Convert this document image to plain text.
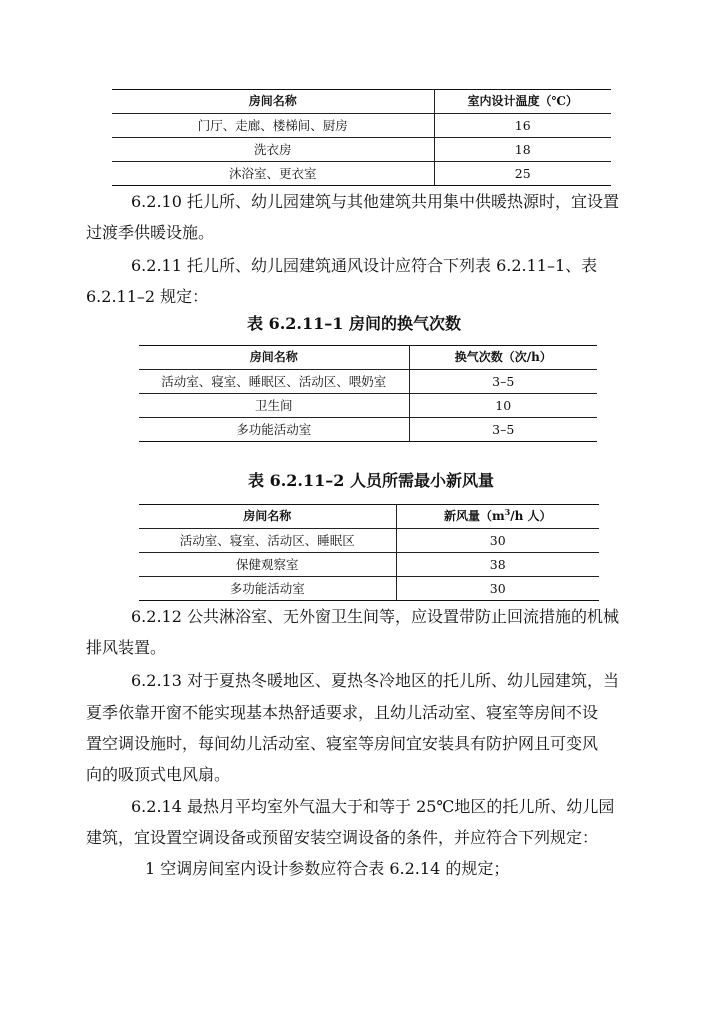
房间名称	室内设计温度（℃）
门厅、走廊、楼梯间、厨房	16
洗衣房	18
沐浴室、更衣室	25
6.2.10 托儿所、幼儿园建筑与其他建筑共用集中供暖热源时，宜设置
过渡季供暖设施。
6.2.11 托儿所、幼儿园建筑通风设计应符合下列表 6.2.11–1、表
6.2.11–2 规定：
表 6.2.11–1 房间的换气次数
房间名称	换气次数（次/h）
活动室、寝室、睡眠区、活动区、喂奶室	3–5
卫生间	10
多功能活动室	3–5
表 6.2.11–2 人员所需最小新风量
房间名称	新风量（$m^3/h$ 人）
活动室、寝室、活动区、睡眠区	30
保健观察室	38
多功能活动室	30
6.2.12 公共淋浴室、无外窗卫生间等，应设置带防止回流措施的机械
排风装置。
6.2.13 对于夏热冬暖地区、夏热冬冷地区的托儿所、幼儿园建筑，当
夏季依靠开窗不能实现基本热舒适要求，且幼儿活动室、寝室等房间不设
置空调设施时，每间幼儿活动室、寝室等房间宜安装具有防护网且可变风
向的吸顶式电风扇。
6.2.14 最热月平均室外气温大于和等于 25℃地区的托儿所、幼儿园
建筑，宜设置空调设备或预留安装空调设备的条件，并应符合下列规定：
1 空调房间室内设计参数应符合表 6.2.14 的规定；
